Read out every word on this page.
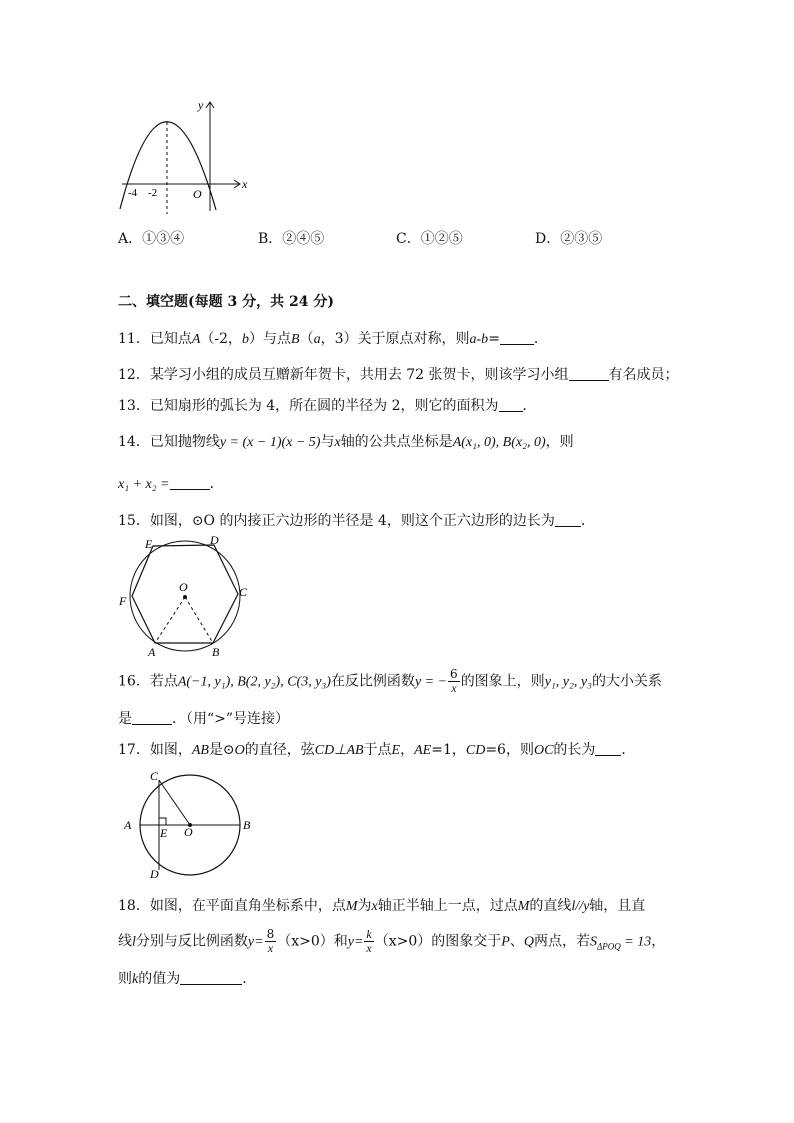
y
x
O
-4 -2
A．①③④	B．②④⑤	C．①②⑤	D．②③⑤
二、填空题(每题 3 分，共 24 分)
11．已知点A（-2，b）与点B（a，3）关于原点对称，则a-b= ．
12．某学习小组的成员互赠新年贺卡，共用去 72 张贺卡，则该学习小组	有名成员；
13．已知扇形的弧长为 4，所在圆的半径为 2，则它的面积为 ．
14．已知抛物线y = (x − 1)(x − 5)与x轴的公共点坐标是A(x₁, 0), B(x₂, 0)，则
x₁ + x₂ =	．
15．如图，⊙O 的内接正六边形的半径是 4，则这个正六边形的边长为 ．
E	D
C
F
O
A	B
16．若点A(−1, y₁), B(2, y₂), C(3, y₃)在反比例函数y = − $\frac{6}{x}$ 的图象上，则y₁, y₂, y₃的大小关系
是	．（用“>”号连接）
17．如图，AB是⊙O的直径，弦CD⊥AB于点E，AE=1，CD=6，则OC的长为 ．
C
A
E O	B
D
18．如图，在平面直角坐标系中，点M为x轴正半轴上一点，过点M的直线l//y轴，且直
线l分别与反比例函数$y= \frac{8}{x} (x>0)$和$y= \frac{k}{x} (x>0)$的图象交于P、Q两点，若$S_{\Delta POQ} = 13$，
则k的值为	．
